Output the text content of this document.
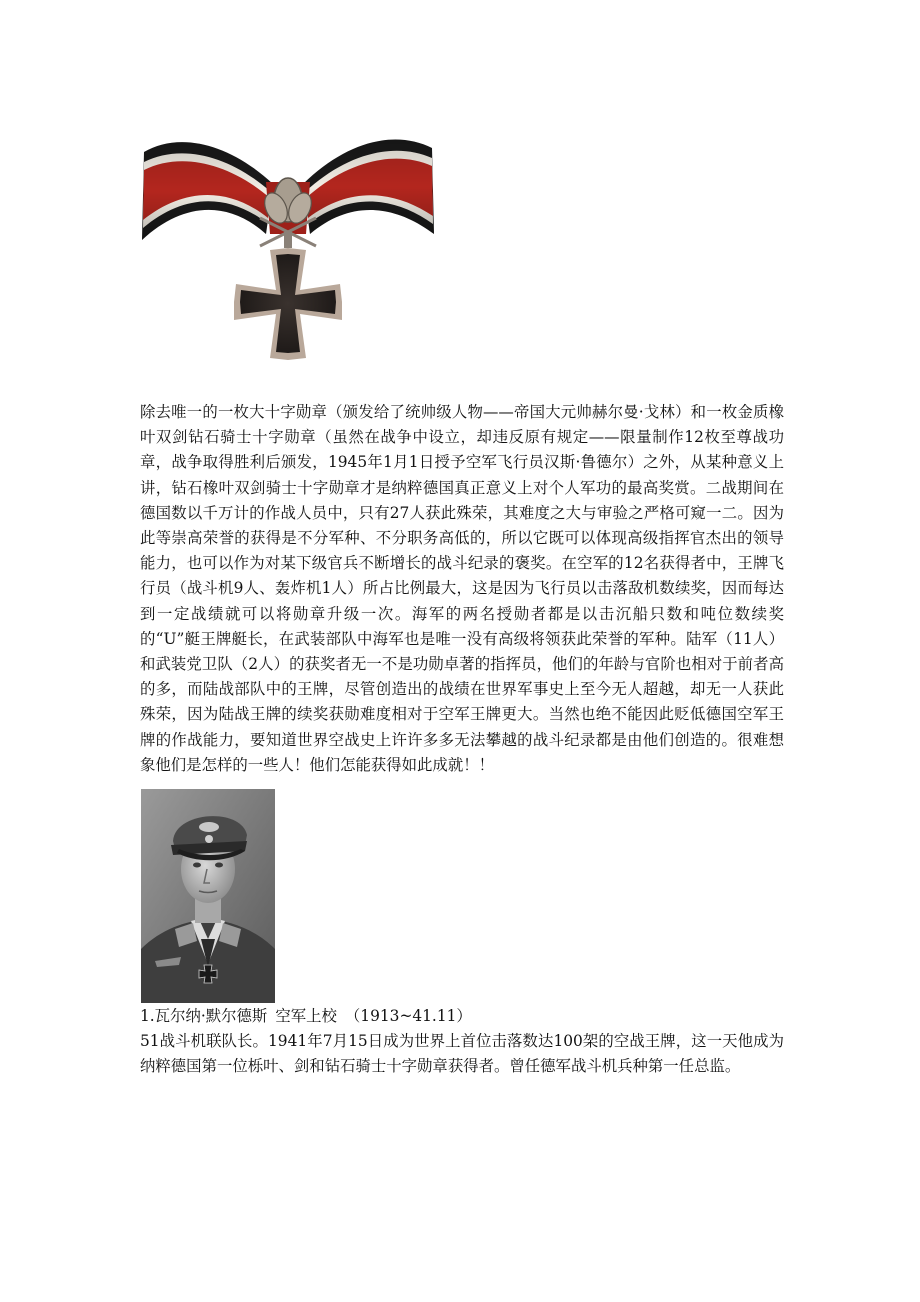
除去唯一的一枚大十字勋章（颁发给了统帅级人物——帝国大元帅赫尔曼·戈林）和一枚金质橡叶双剑钻石骑士十字勋章（虽然在战争中设立，却违反原有规定——限量制作12枚至尊战功章，战争取得胜利后颁发，1945年1月1日授予空军飞行员汉斯·鲁德尔）之外，从某种意义上讲，钻石橡叶双剑骑士十字勋章才是纳粹德国真正意义上对个人军功的最高奖赏。二战期间在德国数以千万计的作战人员中，只有27人获此殊荣，其难度之大与审验之严格可窥一二。因为此等崇高荣誉的获得是不分军种、不分职务高低的，所以它既可以体现高级指挥官杰出的领导能力，也可以作为对某下级官兵不断增长的战斗纪录的褒奖。在空军的12名获得者中，王牌飞行员（战斗机9人、轰炸机1人）所占比例最大，这是因为飞行员以击落敌机数续奖，因而每达到一定战绩就可以将勋章升级一次。海军的两名授勋者都是以击沉船只数和吨位数续奖的“U”艇王牌艇长，在武装部队中海军也是唯一没有高级将领获此荣誉的军种。陆军（11人）和武装党卫队（2人）的获奖者无一不是功勋卓著的指挥员，他们的年龄与官阶也相对于前者高的多，而陆战部队中的王牌，尽管创造出的战绩在世界军事史上至今无人超越，却无一人获此殊荣，因为陆战王牌的续奖获勋难度相对于空军王牌更大。当然也绝不能因此贬低德国空军王牌的作战能力，要知道世界空战史上许许多多无法攀越的战斗纪录都是由他们创造的。很难想象他们是怎样的一些人！他们怎能获得如此成就！！

1.瓦尔纳·默尔德斯 空军上校 （1913~41.11）

51战斗机联队长。1941年7月15日成为世界上首位击落数达100架的空战王牌，这一天他成为纳粹德国第一位栎叶、剑和钻石骑士十字勋章获得者。曾任德军战斗机兵种第一任总监。
